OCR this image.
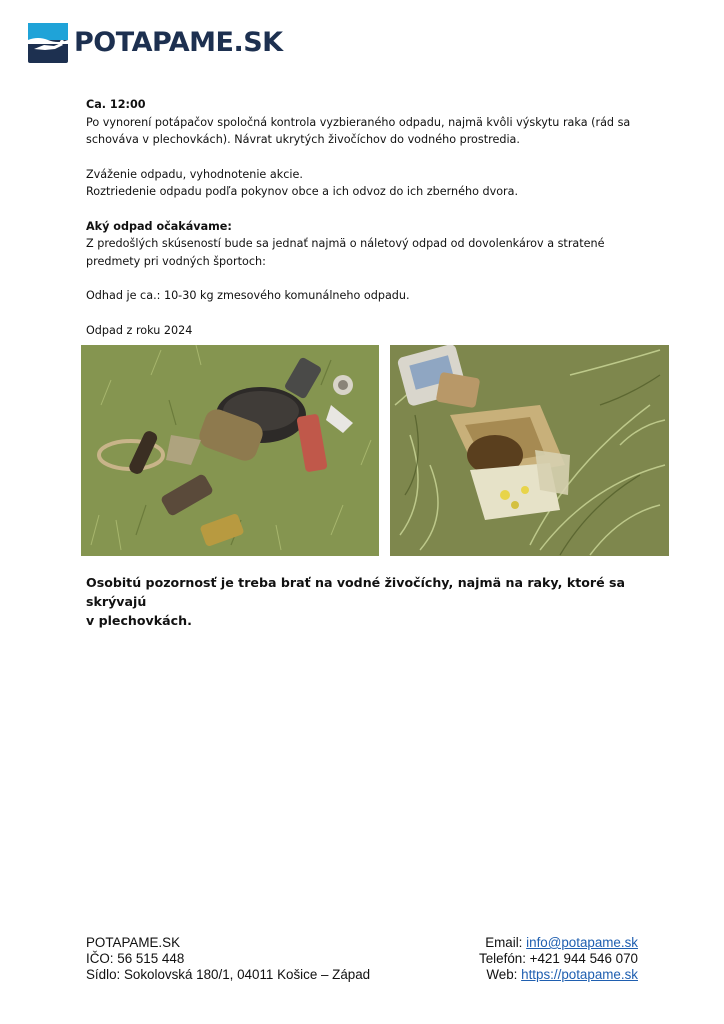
POTAPAME.SK

Ca. 12:00

Po vynorení potápačov spoločná kontrola vyzbieraného odpadu, najmä kvôli výskytu raka (rád sa

schováva v plechovkách). Návrat ukrytých živočíchov do vodného prostredia.

Zváženie odpadu, vyhodnotenie akcie.

Roztriedenie odpadu podľa pokynov obce a ich odvoz do ich zberného dvora.

Aký odpad očakávame:

Z predošlých skúseností bude sa jednať najmä o náletový odpad od dovolenkárov a stratené

predmety pri vodných športoch:

Odhad je ca.: 10-30 kg zmesového komunálneho odpadu.

Odpad z roku 2024

Osobitú pozornosť je treba brať na vodné živočíchy, najmä na raky, ktoré sa skrývajú
v plechovkách.
POTAPAME.SK
IČO: 56 515 448
Sídlo: Sokolovská 180/1, 04011 Košice – Západ
Email: info@potapame.sk
Telefón: +421 944 546 070
Web: https://potapame.sk
